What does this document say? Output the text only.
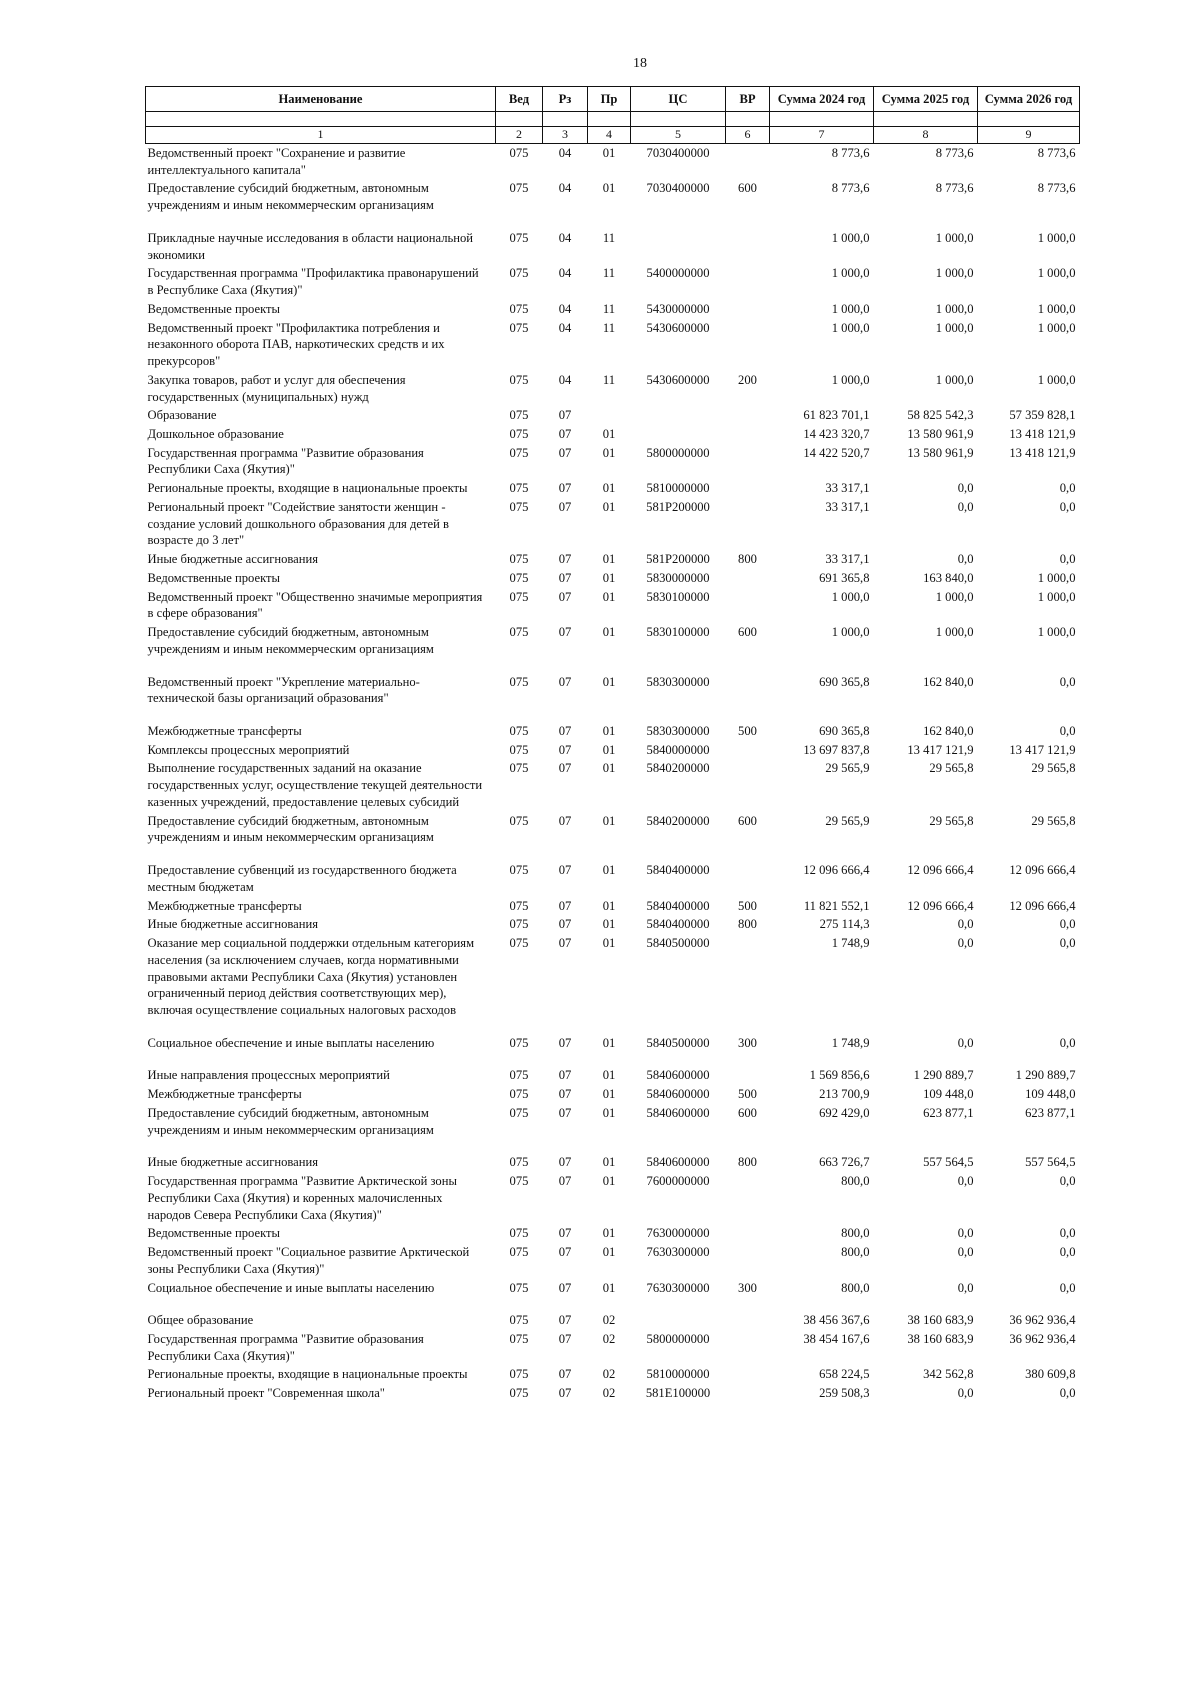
18
Наименование	Вед	Рз	Пр	ЦС	ВР	Сумма 2024 год	Сумма 2025 год	Сумма 2026 год

1	2	3	4	5	6	7	8	9
Ведомственный проект "Сохранение и развитие интеллектуального капитала"	075	04	01	7030400000		8 773,6	8 773,6	8 773,6
Предоставление субсидий бюджетным, автономным учреждениям и иным некоммерческим организациям	075	04	01	7030400000	600	8 773,6	8 773,6	8 773,6

Прикладные научные исследования в области национальной экономики	075	04	11			1 000,0	1 000,0	1 000,0
Государственная программа "Профилактика правонарушений в Республике Саха (Якутия)"	075	04	11	5400000000		1 000,0	1 000,0	1 000,0
Ведомственные проекты	075	04	11	5430000000		1 000,0	1 000,0	1 000,0
Ведомственный проект "Профилактика потребления и незаконного оборота ПАВ, наркотических средств и их прекурсоров"	075	04	11	5430600000		1 000,0	1 000,0	1 000,0
Закупка товаров, работ и услуг для обеспечения государственных (муниципальных) нужд	075	04	11	5430600000	200	1 000,0	1 000,0	1 000,0
Образование	075	07				61 823 701,1	58 825 542,3	57 359 828,1
Дошкольное образование	075	07	01			14 423 320,7	13 580 961,9	13 418 121,9
Государственная программа "Развитие образования Республики Саха (Якутия)"	075	07	01	5800000000		14 422 520,7	13 580 961,9	13 418 121,9
Региональные проекты, входящие в национальные проекты	075	07	01	5810000000		33 317,1	0,0	0,0
Региональный проект "Содействие занятости женщин - создание условий дошкольного образования для детей в возрасте до 3 лет"	075	07	01	581P200000		33 317,1	0,0	0,0
Иные бюджетные ассигнования	075	07	01	581P200000	800	33 317,1	0,0	0,0
Ведомственные проекты	075	07	01	5830000000		691 365,8	163 840,0	1 000,0
Ведомственный проект "Общественно значимые мероприятия в сфере образования"	075	07	01	5830100000		1 000,0	1 000,0	1 000,0
Предоставление субсидий бюджетным, автономным учреждениям и иным некоммерческим организациям	075	07	01	5830100000	600	1 000,0	1 000,0	1 000,0

Ведомственный проект "Укрепление материально-технической базы организаций образования"	075	07	01	5830300000		690 365,8	162 840,0	0,0

Межбюджетные трансферты	075	07	01	5830300000	500	690 365,8	162 840,0	0,0
Комплексы процессных мероприятий	075	07	01	5840000000		13 697 837,8	13 417 121,9	13 417 121,9
Выполнение государственных заданий на оказание государственных услуг, осуществление текущей деятельности казенных учреждений, предоставление целевых субсидий	075	07	01	5840200000		29 565,9	29 565,8	29 565,8
Предоставление субсидий бюджетным, автономным учреждениям и иным некоммерческим организациям	075	07	01	5840200000	600	29 565,9	29 565,8	29 565,8

Предоставление субвенций из государственного бюджета местным бюджетам	075	07	01	5840400000		12 096 666,4	12 096 666,4	12 096 666,4
Межбюджетные трансферты	075	07	01	5840400000	500	11 821 552,1	12 096 666,4	12 096 666,4
Иные бюджетные ассигнования	075	07	01	5840400000	800	275 114,3	0,0	0,0
Оказание мер социальной поддержки отдельным категориям населения (за исключением случаев, когда нормативными правовыми актами Республики Саха (Якутия) установлен ограниченный период действия соответствующих мер), включая осуществление социальных налоговых расходов	075	07	01	5840500000		1 748,9	0,0	0,0

Социальное обеспечение и иные выплаты населению	075	07	01	5840500000	300	1 748,9	0,0	0,0

Иные направления процессных мероприятий	075	07	01	5840600000		1 569 856,6	1 290 889,7	1 290 889,7
Межбюджетные трансферты	075	07	01	5840600000	500	213 700,9	109 448,0	109 448,0
Предоставление субсидий бюджетным, автономным учреждениям и иным некоммерческим организациям	075	07	01	5840600000	600	692 429,0	623 877,1	623 877,1

Иные бюджетные ассигнования	075	07	01	5840600000	800	663 726,7	557 564,5	557 564,5
Государственная программа "Развитие Арктической зоны Республики Саха (Якутия) и коренных малочисленных народов Севера Республики Саха (Якутия)"	075	07	01	7600000000		800,0	0,0	0,0
Ведомственные проекты	075	07	01	7630000000		800,0	0,0	0,0
Ведомственный проект "Социальное развитие Арктической зоны Республики Саха (Якутия)"	075	07	01	7630300000		800,0	0,0	0,0
Социальное обеспечение и иные выплаты населению	075	07	01	7630300000	300	800,0	0,0	0,0

Общее образование	075	07	02			38 456 367,6	38 160 683,9	36 962 936,4
Государственная программа "Развитие образования Республики Саха (Якутия)"	075	07	02	5800000000		38 454 167,6	38 160 683,9	36 962 936,4
Региональные проекты, входящие в национальные проекты	075	07	02	5810000000		658 224,5	342 562,8	380 609,8
Региональный проект "Современная школа"	075	07	02	581E100000		259 508,3	0,0	0,0
